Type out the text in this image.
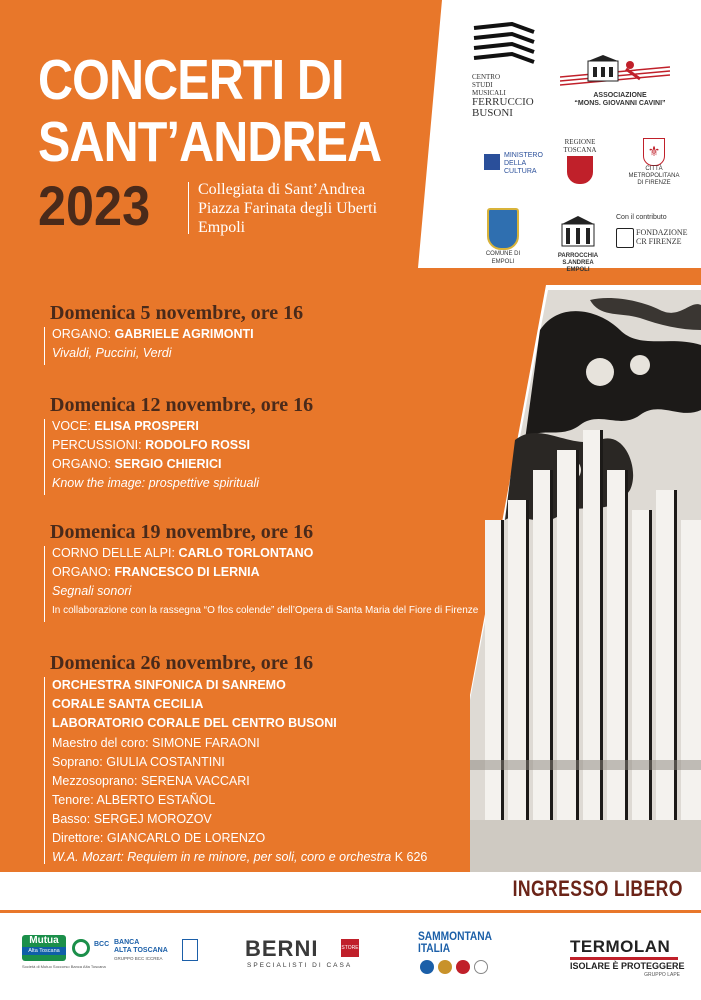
CONCERTI DI
SANT’ANDREA
2023	Collegiata di Sant’Andrea
Piazza Farinata degli Uberti
Empoli
Domenica 5 novembre, ore 16
ORGANO: GABRIELE AGRIMONTI
Vivaldi, Puccini, Verdi
Domenica 12 novembre, ore 16
VOCE: ELISA PROSPERI
PERCUSSIONI: RODOLFO ROSSI
ORGANO: SERGIO CHIERICI
Know the image: prospettive spirituali
Domenica 19 novembre, ore 16
CORNO DELLE ALPI: CARLO TORLONTANO
ORGANO: FRANCESCO DI LERNIA
Segnali sonori
In collaborazione con la rassegna “O flos colende” dell’Opera di Santa Maria del Fiore di Firenze
Domenica 26 novembre, ore 16
ORCHESTRA SINFONICA DI SANREMO
CORALE SANTA CECILIA
LABORATORIO CORALE DEL CENTRO BUSONI
Maestro del coro: SIMONE FARAONI
Soprano: GIULIA COSTANTINI
Mezzosoprano: SERENA VACCARI
Tenore: ALBERTO ESTAÑOL
Basso: SERGEJ MOROZOV
Direttore: GIANCARLO DE LORENZO
W.A. Mozart: Requiem in re minore, per soli, coro e orchestra K 626
CENTRO
STUDI
MUSICALI
FERRUCCIO
BUSONI
ASSOCIAZIONE
“MONS. GIOVANNI CAVINI”
MINISTERO
DELLA
CULTURA
REGIONE
TOSCANA	⚜
CITTÀ METROPOLITANA
DI FIRENZE
COMUNE DI EMPOLI
PARROCCHIA S.ANDREA
EMPOLI
Con il contributo
FONDAZIONE
CR FIRENZE
INGRESSO LIBERO
Mutua
Alta Toscana
Società di Mutuo Soccorso Banca Alta Toscana
BCC BANCA
ALTA TOSCANA
GRUPPO BCC ICCREA	BERNI	STORE
SPECIALISTI DI CASA
SAMMONTANA
ITALIA	TERMOLAN
ISOLARE È PROTEGGERE
GRUPPO LAPE
